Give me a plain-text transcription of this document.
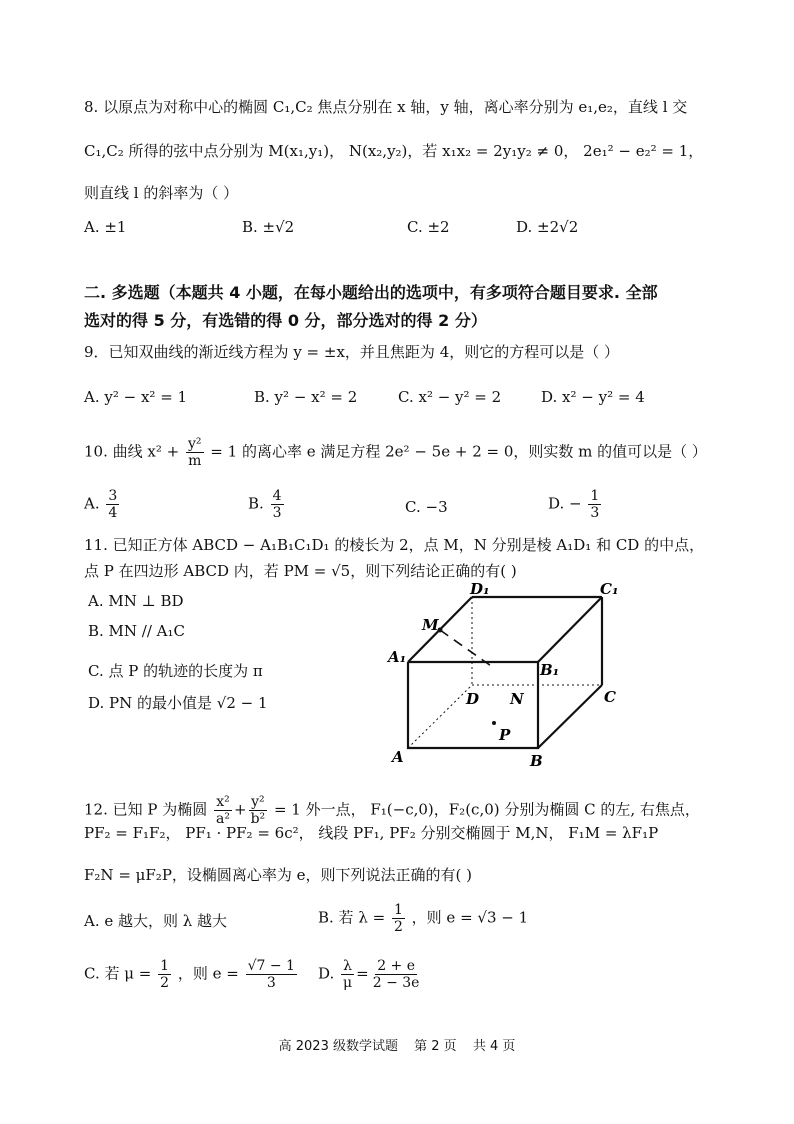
8. 以原点为对称中心的椭圆 C₁,C₂ 焦点分别在 x 轴，y 轴，离心率分别为 e₁,e₂，直线 l 交
C₁,C₂ 所得的弦中点分别为 M(x₁,y₁)， N(x₂,y₂)，若 x₁x₂ = 2y₁y₂ ≠ 0， 2e₁² − e₂² = 1，
则直线 l 的斜率为（ ）
A. ±1	B. ±√2	C. ±2	D. ±2√2
二. 多选题（本题共 4 小题，在每小题给出的选项中，有多项符合题目要求. 全部
选对的得 5 分，有选错的得 0 分，部分选对的得 2 分）
9．已知双曲线的渐近线方程为 y = ±x，并且焦距为 4，则它的方程可以是（ ）
A. y² − x² = 1	B. y² − x² = 2	C. x² − y² = 2	D. x² − y² = 4
10. 曲线 $x^2 + \frac{\text{y²}}{m} = 1$ 的离心率 e 满足方程 2e² − 5e + 2 = 0，则实数 m 的值可以是（ ）
A. $\frac{3}{4}$	B. $\frac{4}{3}$	C. −3	D. − $\frac{1}{3}$
11. 已知正方体 ABCD − A₁B₁C₁D₁ 的棱长为 2，点 M，N 分别是棱 A₁D₁ 和 CD 的中点，
点 P 在四边形 ABCD 内，若 PM = √5，则下列结论正确的有( )
A. MN ⊥ BD
B. MN // A₁C
C. 点 P 的轨迹的长度为 π
D. PN 的最小值是 √2 − 1
D₁	C₁
M
A₁
B₁
D N	C
P
A	B
12. 已知 P 为椭圆 $\frac{\text{x²}}{\text{a²}} + \frac{\text{y²}}{\text{b²}} = 1$ 外一点， F₁(−c,0)，F₂(c,0) 分别为椭圆 C 的左, 右焦点，
PF₂ = F₁F₂， PF₁ · PF₂ = 6c²， 线段 PF₁, PF₂ 分别交椭圆于 M,N， F₁M = λF₁P
F₂N = μF₂P，设椭圆离心率为 e，则下列说法正确的有( )
A. e 越大，则 λ 越大	B. 若 $\lambda = \frac{1}{2}$ ，则 e = √3 − 1
C. 若 $\mu = \frac{1}{2}$ ，则 $e = \frac{√7 - 1}{3} D$. $\frac{\lambda}{\mu} = \frac{2 + e}{2 - 3e}$
高 2023 级数学试题 第 2 页 共 4 页
